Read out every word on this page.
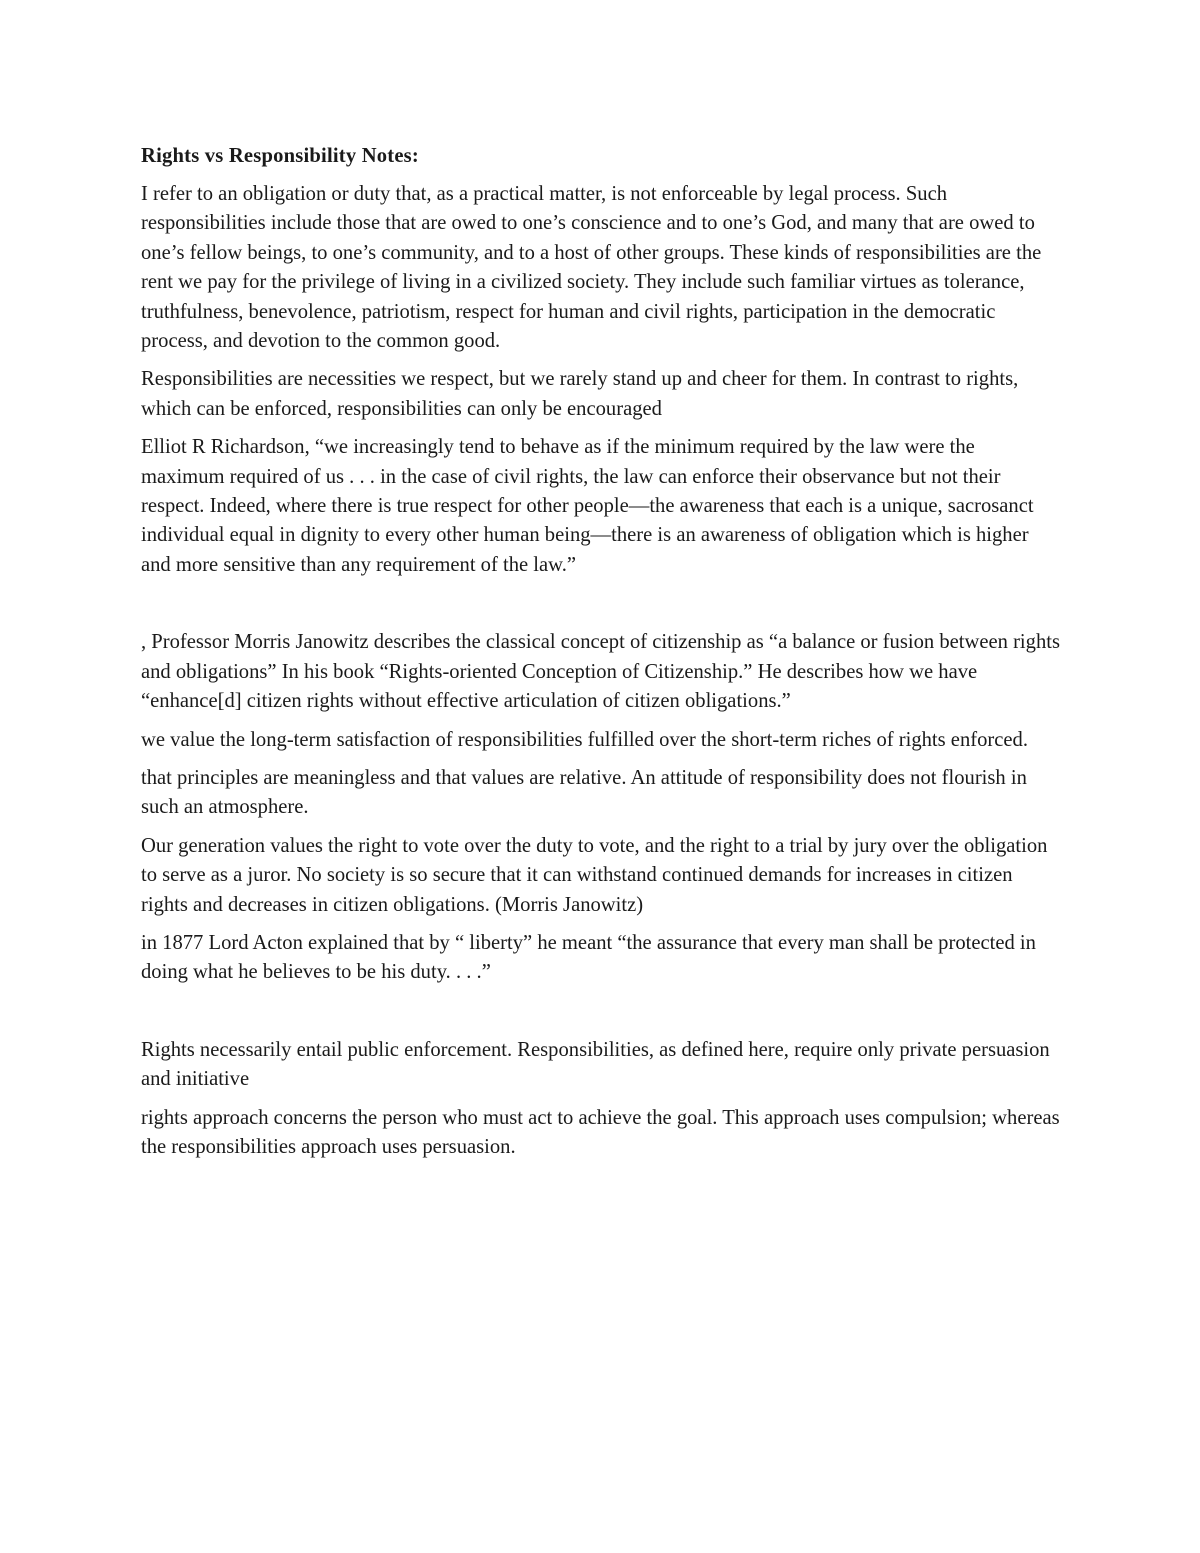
Rights vs Responsibility Notes:

I refer to an obligation or duty that, as a practical matter, is not enforceable by legal process. Such responsibilities include those that are owed to one’s conscience and to one’s God, and many that are owed to one’s fellow beings, to one’s community, and to a host of other groups. These kinds of responsibilities are the rent we pay for the privilege of living in a civilized society. They include such familiar virtues as tolerance, truthfulness, benevolence, patriotism, respect for human and civil rights, participation in the democratic process, and devotion to the common good.

Responsibilities are necessities we respect, but we rarely stand up and cheer for them. In contrast to rights, which can be enforced, responsibilities can only be encouraged

Elliot R Richardson, “we increasingly tend to behave as if the minimum required by the law were the maximum required of us . . . in the case of civil rights, the law can enforce their observance but not their respect. Indeed, where there is true respect for other people—the awareness that each is a unique, sacrosanct individual equal in dignity to every other human being—there is an awareness of obligation which is higher and more sensitive than any requirement of the law.”

, Professor Morris Janowitz describes the classical concept of citizenship as “a balance or fusion between rights and obligations” In his book “Rights-oriented Conception of Citizenship.” He describes how we have “enhance[d] citizen rights without effective articulation of citizen obligations.”

we value the long-term satisfaction of responsibilities fulfilled over the short-term riches of rights enforced.

that principles are meaningless and that values are relative. An attitude of responsibility does not flourish in such an atmosphere.

Our generation values the right to vote over the duty to vote, and the right to a trial by jury over the obligation to serve as a juror. No society is so secure that it can withstand continued demands for increases in citizen rights and decreases in citizen obligations. (Morris Janowitz)

in 1877 Lord Acton explained that by “ liberty” he meant “the assurance that every man shall be protected in doing what he believes to be his duty. . . .”

Rights necessarily entail public enforcement. Responsibilities, as defined here, require only private persuasion and initiative

rights approach concerns the person who must act to achieve the goal. This approach uses compulsion; whereas the responsibilities approach uses persuasion.
